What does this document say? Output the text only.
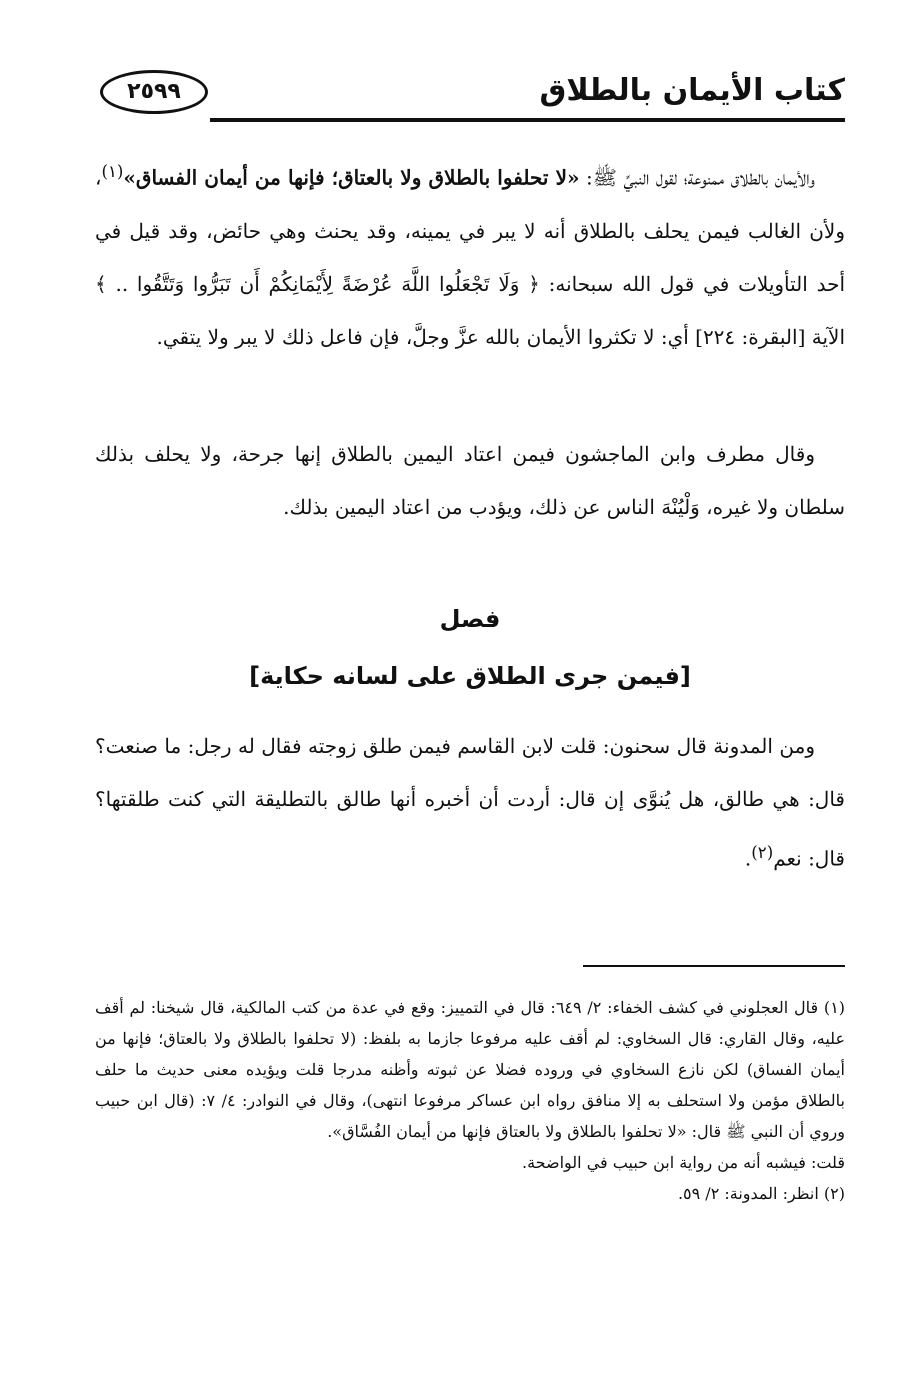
كتاب الأيمان بالطلاق
٢٥٩٩
والأيمان بالطلاق ممنوعة؛ لقول النبيِّ ﷺ: «لا تحلفوا بالطلاق ولا بالعتاق؛ فإنها من أيمان الفساق»$^{(١)}$، ولأن الغالب فيمن يحلف بالطلاق أنه لا يبر في يمينه، وقد يحنث وهي حائض، وقد قيل في أحد التأويلات في قول الله سبحانه: ﴿ وَلَا تَجْعَلُوا اللَّهَ عُرْضَةً لِأَيْمَانِكُمْ أَن تَبَرُّوا وَتَتَّقُوا .. ﴾ الآية [البقرة: ٢٢٤] أي: لا تكثروا الأيمان بالله عزَّ وجلَّ، فإن فاعل ذلك لا يبر ولا يتقي.
وقال مطرف وابن الماجشون فيمن اعتاد اليمين بالطلاق إنها جرحة، ولا يحلف بذلك سلطان ولا غيره، وَلْيُنْهَ الناس عن ذلك، ويؤدب من اعتاد اليمين بذلك.
فصل
[فيمن جرى الطلاق على لسانه حكاية]
ومن المدونة قال سحنون: قلت لابن القاسم فيمن طلق زوجته فقال له رجل: ما صنعت؟ قال: هي طالق، هل يُنوَّى إن قال: أردت أن أخبره أنها طالق بالتطليقة التي كنت طلقتها؟ قال: نعم$^{(٢)}$.
(١) قال العجلوني في كشف الخفاء: ٢/ ٦٤٩: قال في التمييز: وقع في عدة من كتب المالكية، قال شيخنا: لم أقف عليه، وقال القاري: قال السخاوي: لم أقف عليه مرفوعا جازما به بلفظ: (لا تحلفوا بالطلاق ولا بالعتاق؛ فإنها من أيمان الفساق) لكن نازع السخاوي في وروده فضلا عن ثبوته وأظنه مدرجا قلت ويؤيده معنى حديث ما حلف بالطلاق مؤمن ولا استحلف به إلا منافق رواه ابن عساكر مرفوعا انتهى)، وقال في النوادر: ٤/ ٧: (قال ابن حبيب وروي أن النبي ﷺ قال: «لا تحلفوا بالطلاق ولا بالعتاق فإنها من أيمان الفُسَّاق».
قلت: فيشبه أنه من رواية ابن حبيب في الواضحة.
(٢) انظر: المدونة: ٢/ ٥٩.
